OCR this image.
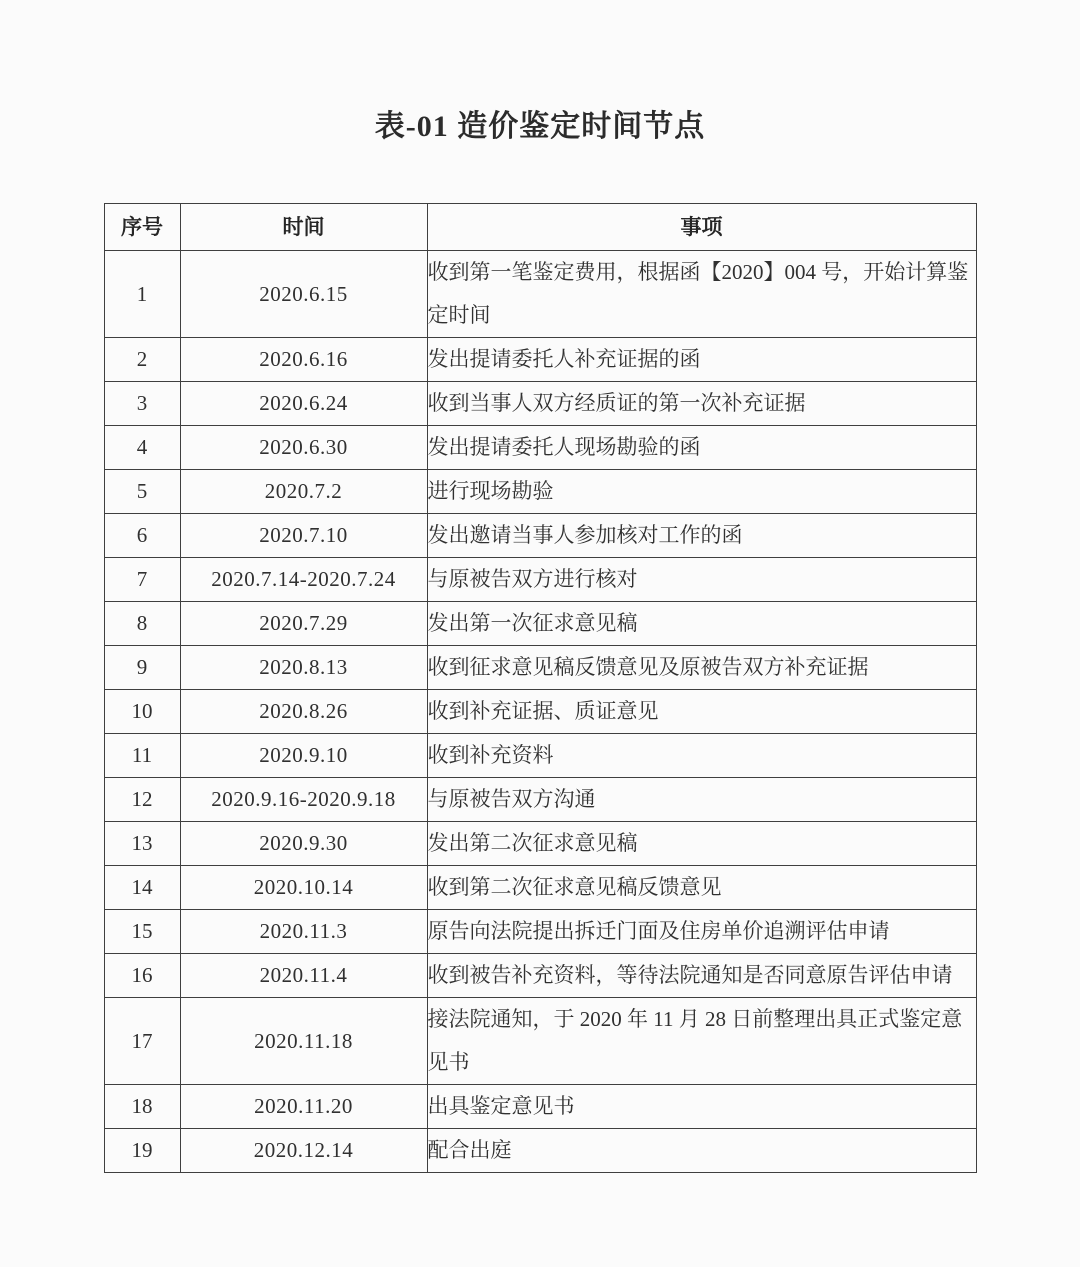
表-01 造价鉴定时间节点
序号	时间	事项
1	2020.6.15	收到第一笔鉴定费用，根据函【2020】004 号，开始计算鉴定时间
2	2020.6.16	发出提请委托人补充证据的函
3	2020.6.24	收到当事人双方经质证的第一次补充证据
4	2020.6.30	发出提请委托人现场勘验的函
5	2020.7.2	进行现场勘验
6	2020.7.10	发出邀请当事人参加核对工作的函
7	2020.7.14-2020.7.24	与原被告双方进行核对
8	2020.7.29	发出第一次征求意见稿
9	2020.8.13	收到征求意见稿反馈意见及原被告双方补充证据
10	2020.8.26	收到补充证据、质证意见
11	2020.9.10	收到补充资料
12	2020.9.16-2020.9.18	与原被告双方沟通
13	2020.9.30	发出第二次征求意见稿
14	2020.10.14	收到第二次征求意见稿反馈意见
15	2020.11.3	原告向法院提出拆迁门面及住房单价追溯评估申请
16	2020.11.4	收到被告补充资料，等待法院通知是否同意原告评估申请
17	2020.11.18	接法院通知，于 2020 年 11 月 28 日前整理出具正式鉴定意见书
18	2020.11.20	出具鉴定意见书
19	2020.12.14	配合出庭
